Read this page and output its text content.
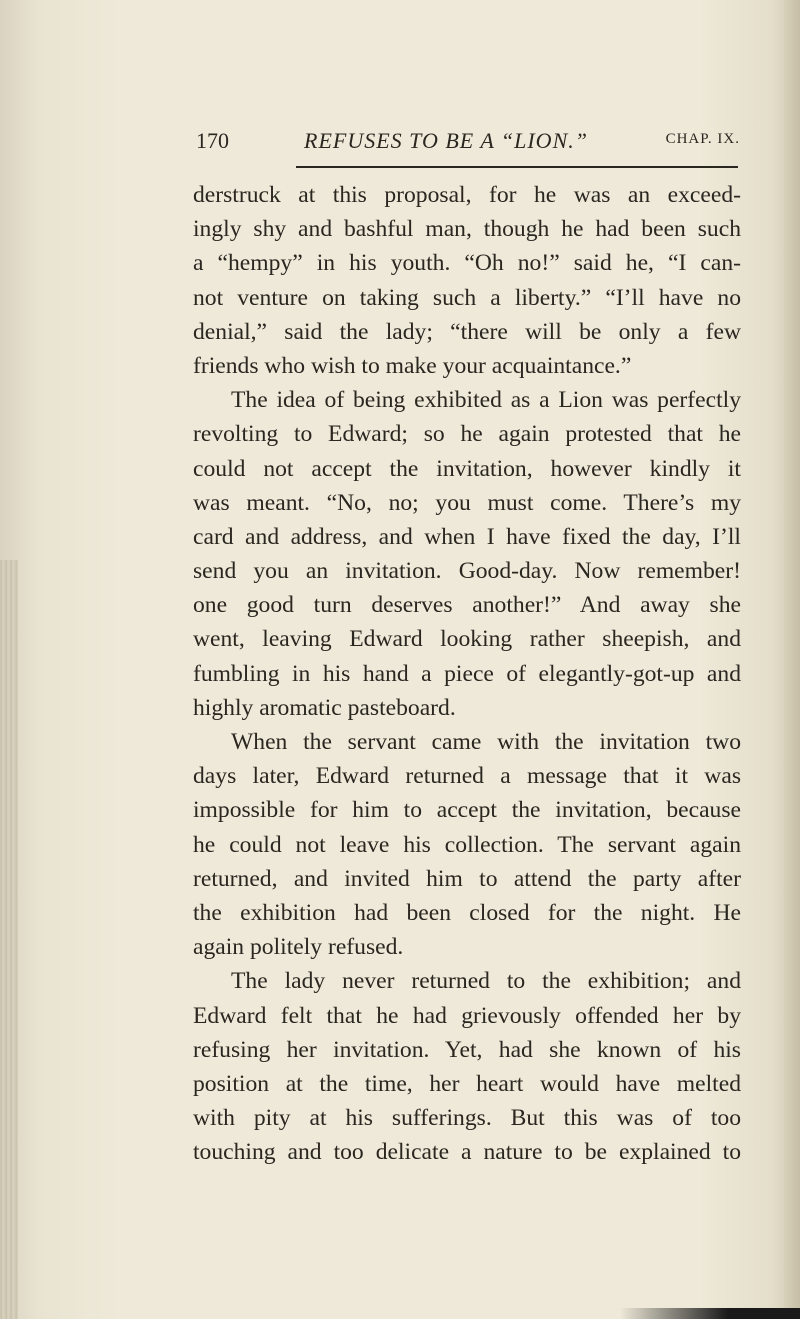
170	REFUSES TO BE A “LION.”	CHAP. IX.
derstruck at this proposal, for he was an exceed-
ingly shy and bashful man, though he had been such
a “hempy” in his youth. “Oh no!” said he, “I can-
not venture on taking such a liberty.” “I’ll have no
denial,” said the lady; “there will be only a few
friends who wish to make your acquaintance.”
The idea of being exhibited as a Lion was perfectly
revolting to Edward; so he again protested that he
could not accept the invitation, however kindly it
was meant. “No, no; you must come. There’s my
card and address, and when I have fixed the day, I’ll
send you an invitation. Good-day. Now remember!
one good turn deserves another!” And away she
went, leaving Edward looking rather sheepish, and
fumbling in his hand a piece of elegantly-got-up and
highly aromatic pasteboard.
When the servant came with the invitation two
days later, Edward returned a message that it was
impossible for him to accept the invitation, because
he could not leave his collection. The servant again
returned, and invited him to attend the party after
the exhibition had been closed for the night. He
again politely refused.
The lady never returned to the exhibition; and
Edward felt that he had grievously offended her by
refusing her invitation. Yet, had she known of his
position at the time, her heart would have melted
with pity at his sufferings. But this was of too
touching and too delicate a nature to be explained to
